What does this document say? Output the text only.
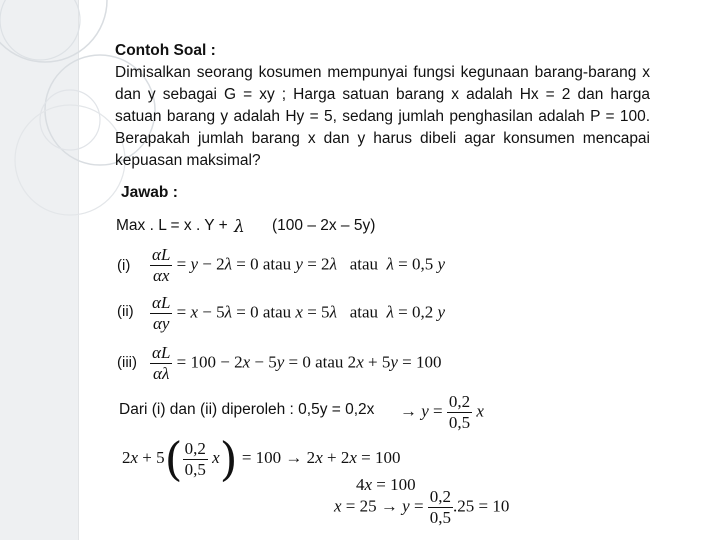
Contoh Soal :

Dimisalkan seorang kosumen mempunyai fungsi kegunaan barang-barang x dan y sebagai G = xy ; Harga satuan barang x adalah Hx = 2 dan harga satuan barang y adalah Hy = 5, sedang jumlah penghasilan adalah P = 100. Berapakah jumlah barang x dan y harus dibeli agar konsumen mencapai kepuasan maksimal?

Jawab :
Max . L = x . Y + λ (100 – 2x – 5y)
$(i) \frac{\alpha L}{\alpha x} = y - 2\lambda = 0$ atau y = 2λ   atau  λ = 0,5 y
$(ii) \frac{\alpha L}{\alpha y} = x - 5\lambda = 0$ atau x = 5λ   atau  λ = 0,2 y
$(iii) \frac{\alpha L}{\alpha\lambda} = 100 - 2x - 5y = 0$ atau 2x + 5y = 100
Dari (i) dan (ii) diperoleh : $0,5y = 0,2x \to y = \frac{0,2}{0,5}$ x
$2x + 5( \frac{0,2}{0,5} x) = 100 \to 2x + 2x = 100$
4x = 100
$x = 25 \to y = \frac{0,2}{0,5} .25 = 10$
